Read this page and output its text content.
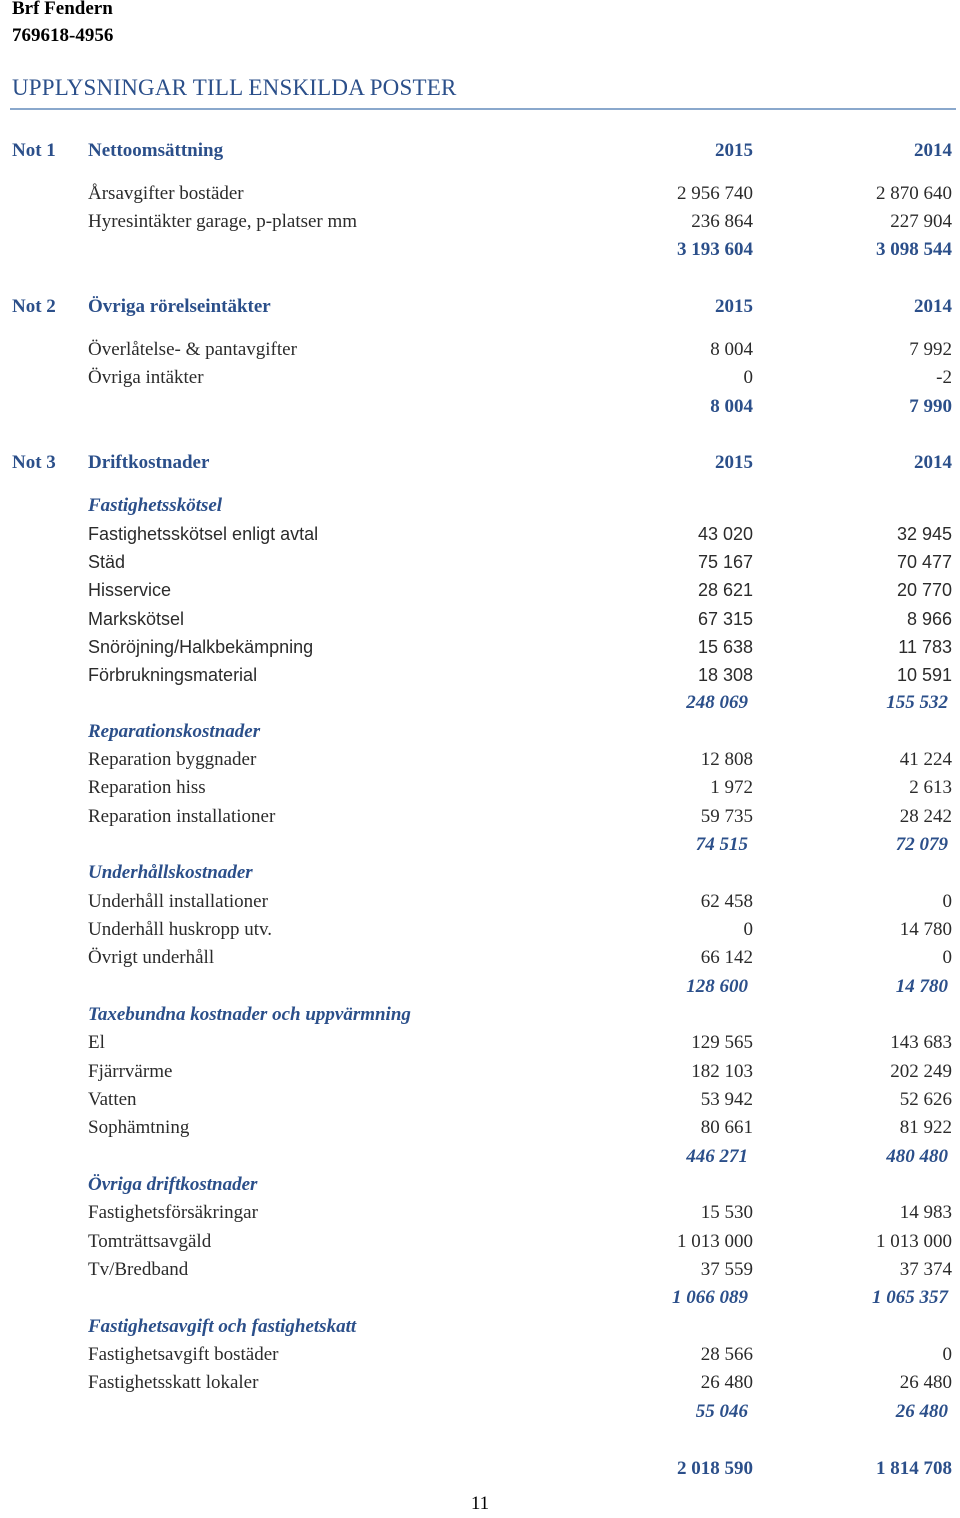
Brf Fendern
769618-4956
UPPLYSNINGAR TILL ENSKILDA POSTER
Not 1 Nettoomsättning	2015	2014
Årsavgifter bostäder	2 956 740	2 870 640
Hyresintäkter garage, p-platser mm	236 864	227 904
3 193 604	3 098 544
Not 2 Övriga rörelseintäkter	2015	2014
Överlåtelse- & pantavgifter	8 004	7 992
Övriga intäkter	0	-2
8 004	7 990
Not 3 Driftkostnader	2015	2014
Fastighetsskötsel
Fastighetsskötsel enligt avtal	43 020	32 945
Städ	75 167	70 477
Hisservice	28 621	20 770
Markskötsel	67 315	8 966
Snöröjning/Halkbekämpning	15 638	11 783
Förbrukningsmaterial	18 308	10 591
248 069	155 532
Reparationskostnader
Reparation byggnader	12 808	41 224
Reparation hiss	1 972	2 613
Reparation installationer	59 735	28 242
74 515	72 079
Underhållskostnader
Underhåll installationer	62 458	0
Underhåll huskropp utv.	0	14 780
Övrigt underhåll	66 142	0
128 600	14 780
Taxebundna kostnader och uppvärmning
El	129 565	143 683
Fjärrvärme	182 103	202 249
Vatten	53 942	52 626
Sophämtning	80 661	81 922
446 271	480 480
Övriga driftkostnader
Fastighetsförsäkringar	15 530	14 983
Tomträttsavgäld	1 013 000	1 013 000
Tv/Bredband	37 559	37 374
1 066 089	1 065 357
Fastighetsavgift och fastighetskatt
Fastighetsavgift bostäder	28 566	0
Fastighetsskatt lokaler	26 480	26 480
55 046	26 480
2 018 590	1 814 708
11
